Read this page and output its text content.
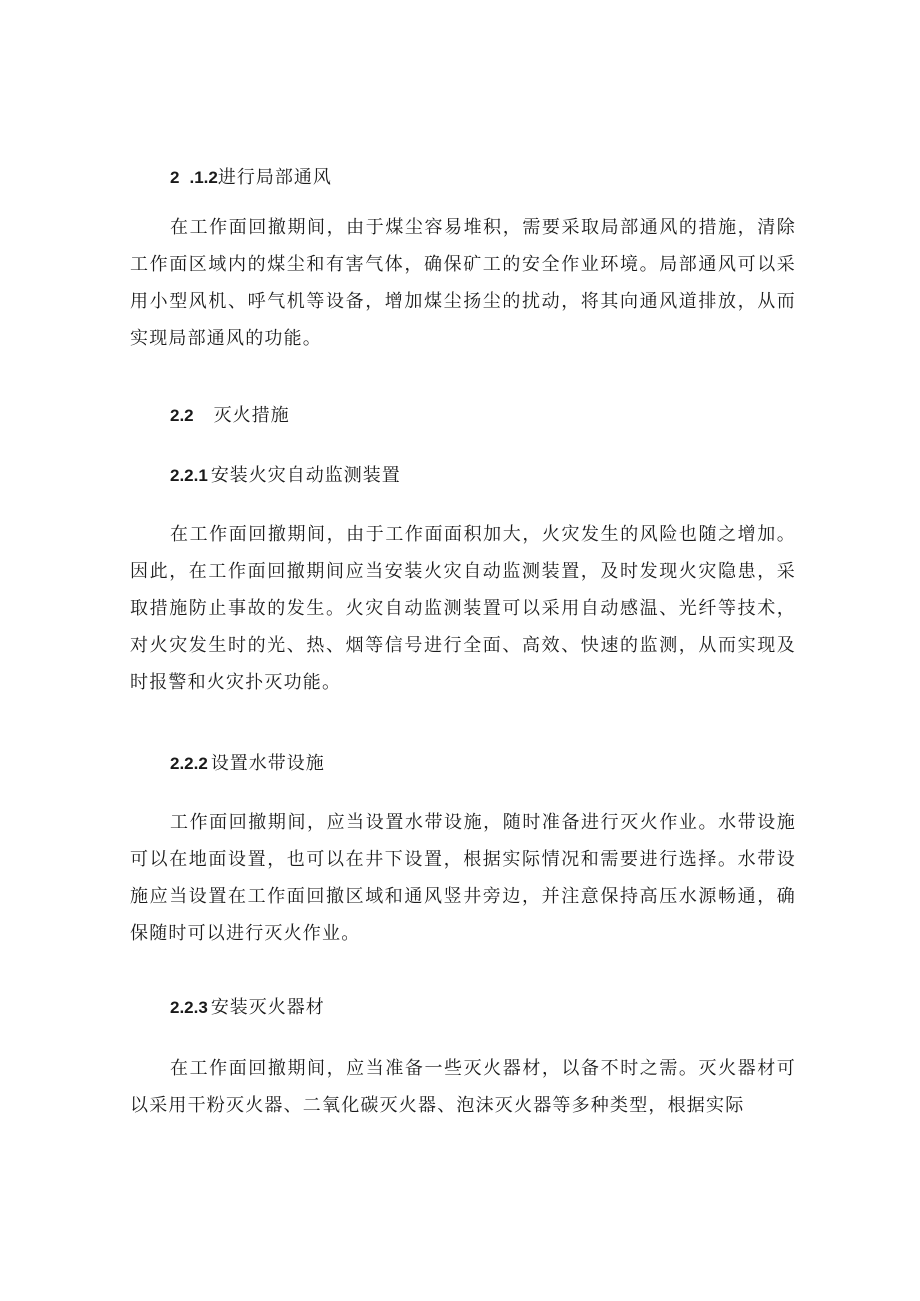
2 .1.2进行局部通风

在工作面回撤期间，由于煤尘容易堆积，需要采取局部通风的措施，清除工作面区域内的煤尘和有害气体，确保矿工的安全作业环境。局部通风可以采用小型风机、呼气机等设备，增加煤尘扬尘的扰动，将其向通风道排放，从而实现局部通风的功能。

2.2 灭火措施
2.2.1 安装火灾自动监测装置

在工作面回撤期间，由于工作面面积加大，火灾发生的风险也随之增加。因此，在工作面回撤期间应当安装火灾自动监测装置，及时发现火灾隐患，采取措施防止事故的发生。火灾自动监测装置可以采用自动感温、光纤等技术，对火灾发生时的光、热、烟等信号进行全面、高效、快速的监测，从而实现及时报警和火灾扑灭功能。

2.2.2 设置水带设施

工作面回撤期间，应当设置水带设施，随时准备进行灭火作业。水带设施可以在地面设置，也可以在井下设置，根据实际情况和需要进行选择。水带设施应当设置在工作面回撤区域和通风竖井旁边，并注意保持高压水源畅通，确保随时可以进行灭火作业。

2.2.3 安装灭火器材

在工作面回撤期间，应当准备一些灭火器材，以备不时之需。灭火器材可以采用干粉灭火器、二氧化碳灭火器、泡沫灭火器等多种类型，根据实际
